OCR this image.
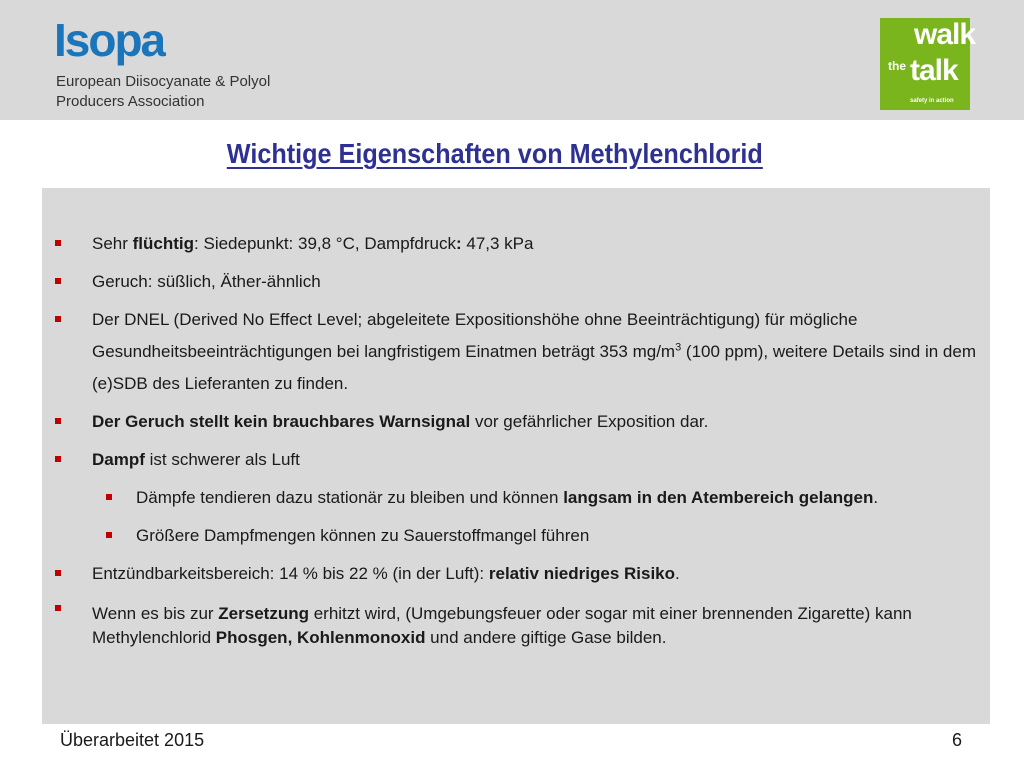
Isopa
European Diisocyanate & Polyol
Producers Association
walk
the talk
safety in action
Wichtige Eigenschaften von Methylenchlorid
Sehr flüchtig: Siedepunkt: 39,8 °C, Dampfdruck: 47,3 kPa
Geruch: süßlich, Äther-ähnlich
Der DNEL (Derived No Effect Level; abgeleitete Expositionshöhe ohne Beeinträchtigung) für mögliche Gesundheitsbeeinträchtigungen bei langfristigem Einatmen beträgt 353 $mg/m^3$ (100 ppm), weitere Details sind in dem (e)SDB des Lieferanten zu finden.
Der Geruch stellt kein brauchbares Warnsignal vor gefährlicher Exposition dar.
Dampf ist schwerer als Luft
Dämpfe tendieren dazu stationär zu bleiben und können langsam in den Atembereich gelangen.
Größere Dampfmengen können zu Sauerstoffmangel führen
Entzündbarkeitsbereich: 14 % bis 22 % (in der Luft): relativ niedriges Risiko.
Wenn es bis zur Zersetzung erhitzt wird, (Umgebungsfeuer oder sogar mit einer brennenden Zigarette) kann Methylenchlorid Phosgen, Kohlenmonoxid und andere giftige Gase bilden.
Überarbeitet 2015	6
